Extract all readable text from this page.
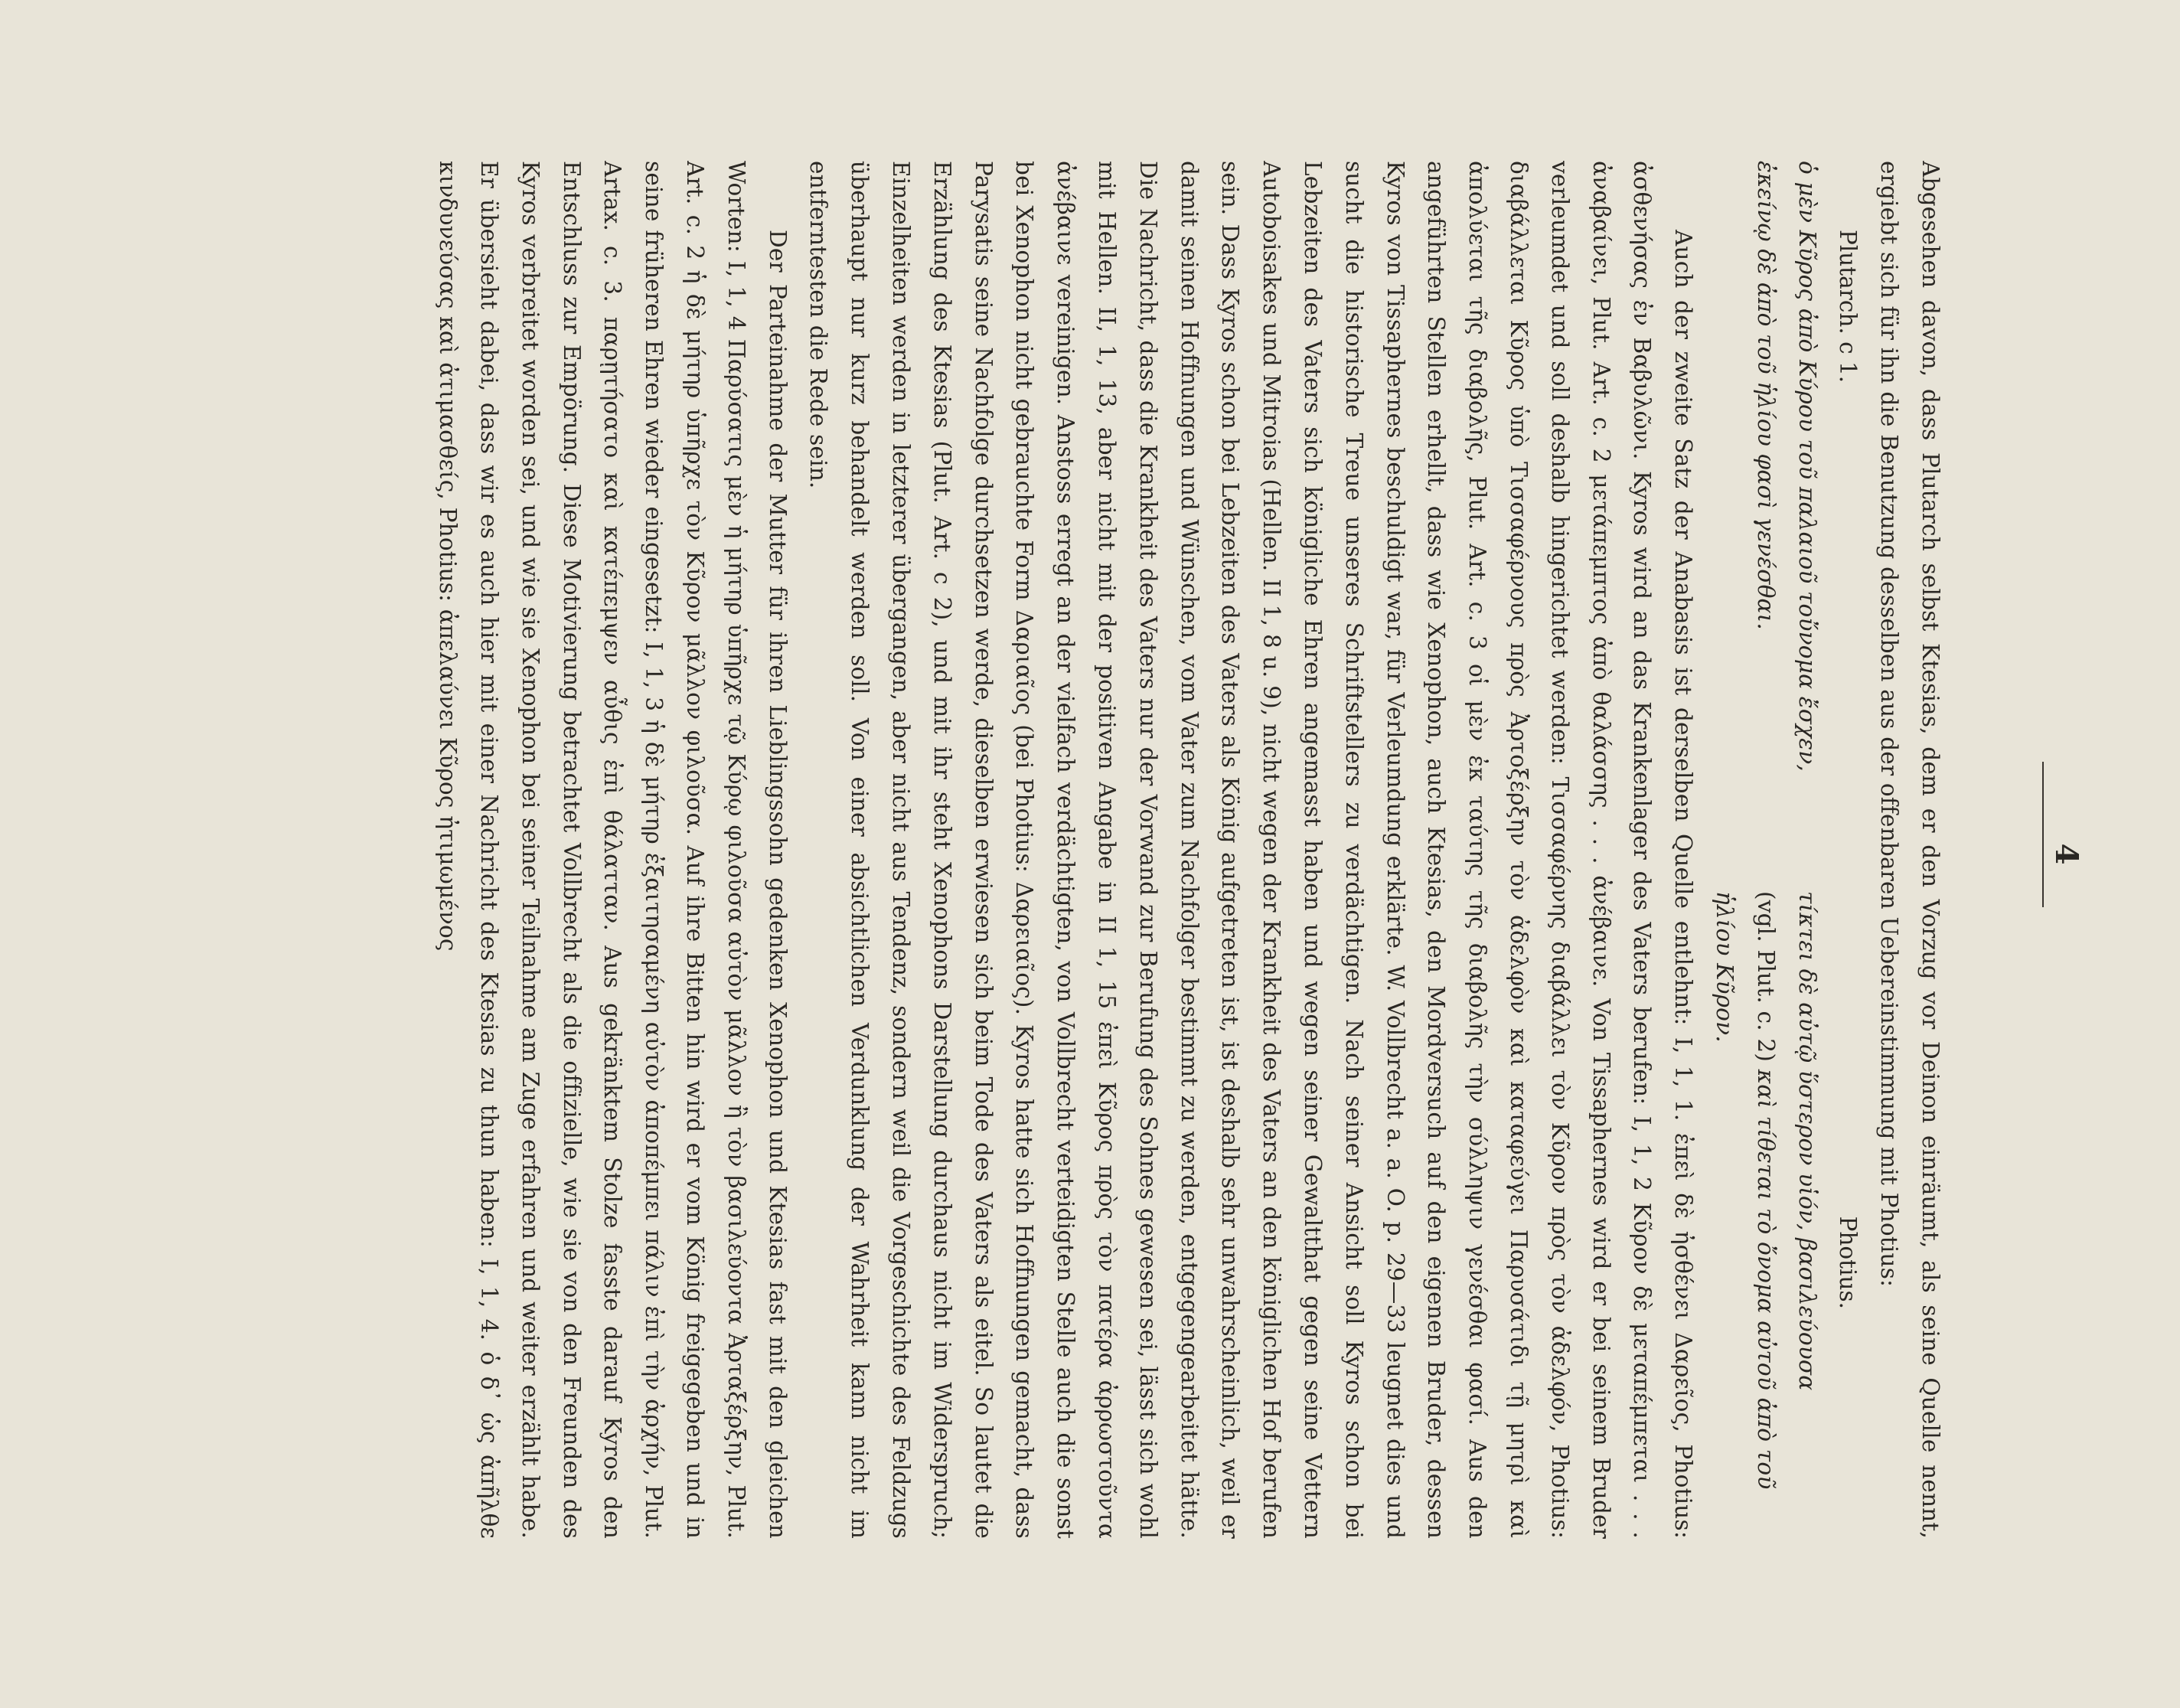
4

Abgesehen davon, dass Plutarch selbst Ktesias, dem er den Vorzug vor Deinon einräumt, als seine Quelle nennt, ergiebt sich für ihn die Benutzung desselben aus der offenbaren Uebereinstimmung mit Photius:

Plutarch. c 1.
Photius.

ὁ μὲν Κῦρος ἀπὸ Κύρου τοῦ παλαιοῦ τοὔνομα ἔσχεν, ἐκείνῳ δὲ ἀπὸ τοῦ ἡλίου φασὶ γενέσθαι.

τίκτει δὲ αὐτῷ ὕστερον υἱόν, βασιλεύουσα (vgl. Plut. c. 2) καὶ τίθεται τὸ ὄνομα αὐτοῦ ἀπὸ τοῦ ἡλίου Κῦρον.

Auch der zweite Satz der Anabasis ist derselben Quelle entlehnt: I, 1, 1. ἐπεὶ δὲ ἠσθένει Δαρεῖος, Photius: ἀσθενήσας ἐν Βαβυλῶνι. Kyros wird an das Krankenlager des Vaters berufen: I, 1, 2 Κῦρον δὲ μεταπέμπεται . . . ἀναβαίνει, Plut. Art. c. 2 μετάπεμπτος ἀπὸ θαλάσσης . . . ἀνέβαινε. Von Tissaphernes wird er bei seinem Bruder verleumdet und soll deshalb hingerichtet werden: Τισσαφέρνης διαβάλλει τὸν Κῦρον πρὸς τὸν ἀδελφόν, Photius: διαβάλλεται Κῦρος ὑπὸ Τισσαφέρνους πρὸς Ἀρτοξέρξην τὸν ἀδελφὸν καὶ καταφεύγει Παρυσάτιδι τῇ μητρὶ καὶ ἀπολύεται τῆς διαβολῆς, Plut. Art. c. 3 οἱ μὲν ἐκ ταύτης τῆς διαβολῆς τὴν σύλληψιν γενέσθαι φασί. Aus den angeführten Stellen erhellt, dass wie Xenophon, auch Ktesias, den Mordversuch auf den eigenen Bruder, dessen Kyros von Tissaphernes beschuldigt war, für Verleumdung erklärte. W. Vollbrecht a. a. O. p. 29—33 leugnet dies und sucht die historische Treue unseres Schriftstellers zu verdächtigen. Nach seiner Ansicht soll Kyros schon bei Lebzeiten des Vaters sich königliche Ehren angemasst haben und wegen seiner Gewaltthat gegen seine Vettern Autoboisakes und Mitroias (Hellen. II 1, 8 u. 9), nicht wegen der Krankheit des Vaters an den königlichen Hof berufen sein. Dass Kyros schon bei Lebzeiten des Vaters als König aufgetreten ist, ist deshalb sehr unwahrscheinlich, weil er damit seinen Hoffnungen und Wünschen, vom Vater zum Nachfolger bestimmt zu werden, entgegengearbeitet hätte. Die Nachricht, dass die Krankheit des Vaters nur der Vorwand zur Berufung des Sohnes gewesen sei, lässt sich wohl mit Hellen. II, 1, 13, aber nicht mit der positiven Angabe in II 1, 15 ἐπεὶ Κῦρος πρὸς τὸν πατέρα ἀρρωστοῦντα ἀνέβαινε vereinigen. Anstoss erregt an der vielfach verdächtigten, von Vollbrecht verteidigten Stelle auch die sonst bei Xenophon nicht gebrauchte Form Δαριαῖος (bei Photius: Δαρειαῖος). Kyros hatte sich Hoffnungen gemacht, dass Parysatis seine Nachfolge durchsetzen werde, dieselben erwiesen sich beim Tode des Vaters als eitel. So lautet die Erzählung des Ktesias (Plut. Art. c 2), und mit ihr steht Xenophons Darstellung durchaus nicht im Widerspruch; Einzelheiten werden in letzterer übergangen, aber nicht aus Tendenz, sondern weil die Vorgeschichte des Feldzugs überhaupt nur kurz behandelt werden soll. Von einer absichtlichen Verdunklung der Wahrheit kann nicht im entferntesten die Rede sein.

Der Parteinahme der Mutter für ihren Lieblingssohn gedenken Xenophon und Ktesias fast mit den gleichen Worten: I, 1, 4 Παρύσατις μὲν ἡ μήτηρ ὑπῆρχε τῷ Κύρῳ φιλοῦσα αὐτὸν μᾶλλον ἢ τὸν βασιλεύοντα Ἀρταξέρξην, Plut. Art. c. 2 ἡ δὲ μήτηρ ὑπῆρχε τὸν Κῦρον μᾶλλον φιλοῦσα. Auf ihre Bitten hin wird er vom König freigegeben und in seine früheren Ehren wieder eingesetzt: I, 1, 3 ἡ δὲ μήτηρ ἐξαιτησαμένη αὐτὸν ἀποπέμπει πάλιν ἐπὶ τὴν ἀρχήν, Plut. Artax. c. 3. παρῃτήσατο καὶ κατέπεμψεν αὖθις ἐπὶ θάλατταν. Aus gekränktem Stolze fasste darauf Kyros den Entschluss zur Empörung. Diese Motivierung betrachtet Vollbrecht als die offizielle, wie sie von den Freunden des Kyros verbreitet worden sei, und wie sie Xenophon bei seiner Teilnahme am Zuge erfahren und weiter erzählt habe. Er übersieht dabei, dass wir es auch hier mit einer Nachricht des Ktesias zu thun haben: I, 1, 4. ὁ δ᾽ ὡς ἀπῆλθε κινδυνεύσας καὶ ἀτιμασθείς, Photius: ἀπελαύνει Κῦρος ἠτιμωμένος
